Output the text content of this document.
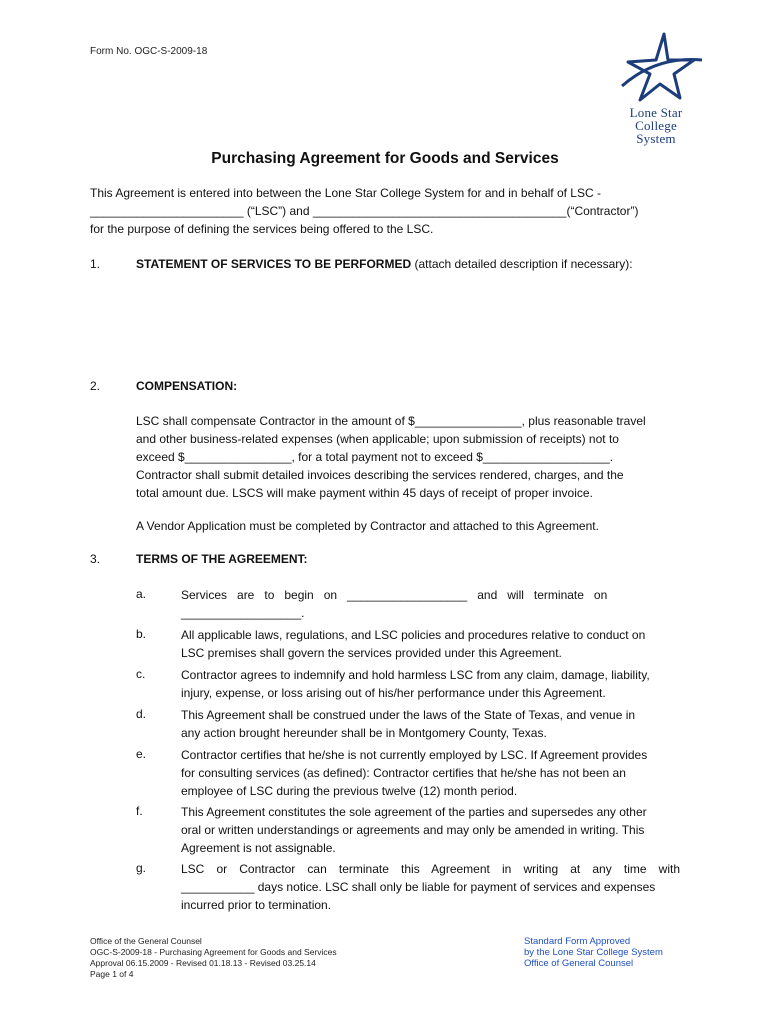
Form No. OGC-S-2009-18
Lone Star
College
System
Purchasing Agreement for Goods and Services
This Agreement is entered into between the Lone Star College System for and in behalf of LSC -
_______________________ (“LSC”) and ______________________________________(“Contractor”)
for the purpose of defining the services being offered to the LSC.
1.	STATEMENT OF SERVICES TO BE PERFORMED (attach detailed description if necessary):
2.	COMPENSATION:
LSC shall compensate Contractor in the amount of $________________, plus reasonable travel
and other business-related expenses (when applicable; upon submission of receipts) not to
exceed $________________, for a total payment not to exceed $___________________.
Contractor shall submit detailed invoices describing the services rendered, charges, and the
total amount due. LSCS will make payment within 45 days of receipt of proper invoice.
A Vendor Application must be completed by Contractor and attached to this Agreement.
3.	TERMS OF THE AGREEMENT:
a.	Services   are   to   begin   on   __________________   and   will   terminate   on
__________________.
b.	All applicable laws, regulations, and LSC policies and procedures relative to conduct on
LSC premises shall govern the services provided under this Agreement.
c.	Contractor agrees to indemnify and hold harmless LSC from any claim, damage, liability,
injury, expense, or loss arising out of his/her performance under this Agreement.
d.	This Agreement shall be construed under the laws of the State of Texas, and venue in
any action brought hereunder shall be in Montgomery County, Texas.
e.	Contractor certifies that he/she is not currently employed by LSC. If Agreement provides
for consulting services (as defined): Contractor certifies that he/she has not been an
employee of LSC during the previous twelve (12) month period.
f.	This Agreement constitutes the sole agreement of the parties and supersedes any other
oral or written understandings or agreements and may only be amended in writing. This
Agreement is not assignable.
g.	LSC or Contractor can terminate this Agreement in writing at any time with
___________ days notice. LSC shall only be liable for payment of services and expenses
incurred prior to termination.
Office of the General Counsel
OGC-S-2009-18 - Purchasing Agreement for Goods and Services
Approval 06.15.2009 - Revised 01.18.13 - Revised 03.25.14
Page 1 of 4
Standard Form Approved
by the Lone Star College System
Office of General Counsel
